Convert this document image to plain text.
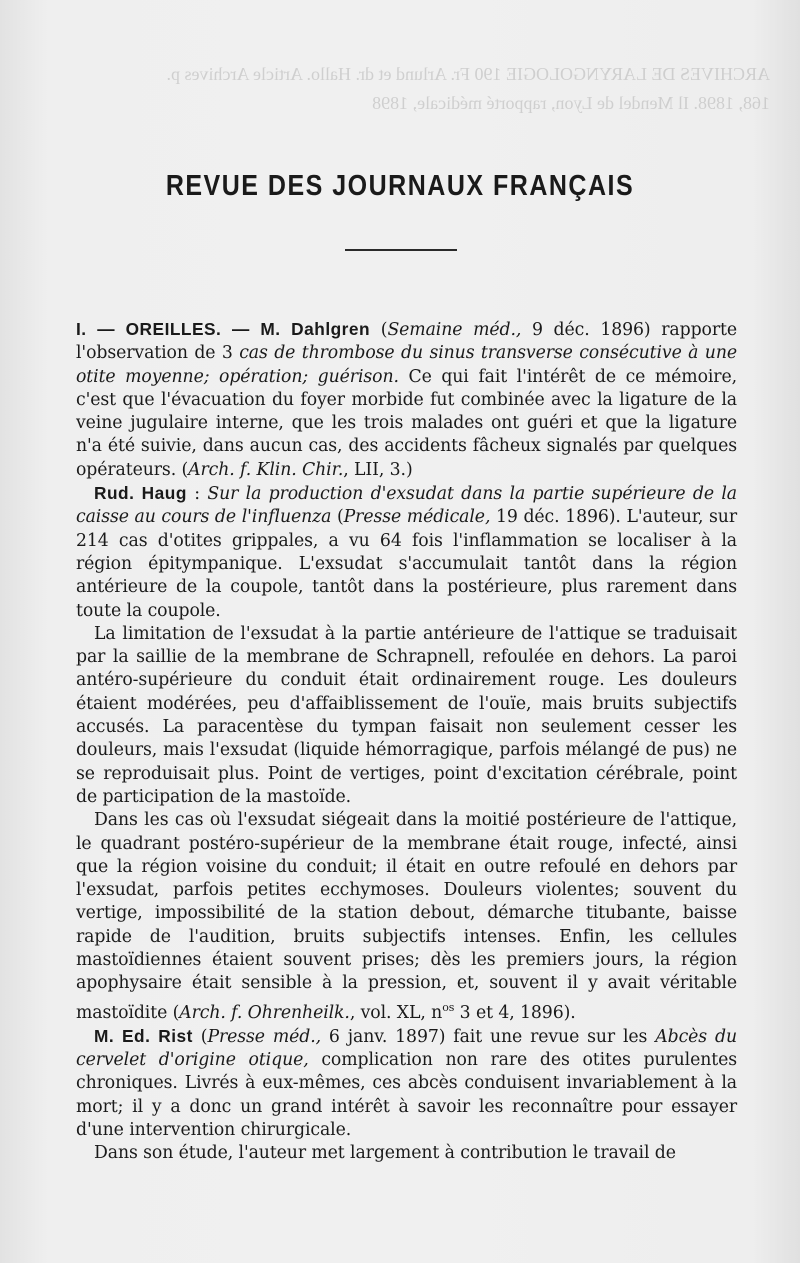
ARCHIVES DE LARYNGOLOGIE 190 Fr. Arlund et dr. Hallo. Article Archives p. 168, 1898. Il Mendel de Lyon, rapporté médicale, 1898
REVUE DES JOURNAUX FRANÇAIS

I. — OREILLES. — M. Dahlgren (Semaine méd., 9 déc. 1896) rapporte l'observation de 3 cas de thrombose du sinus transverse consécutive à une otite moyenne; opération; guérison. Ce qui fait l'intérêt de ce mémoire, c'est que l'évacuation du foyer morbide fut combinée avec la ligature de la veine jugulaire interne, que les trois malades ont guéri et que la ligature n'a été suivie, dans aucun cas, des accidents fâcheux signalés par quelques opérateurs. (Arch. f. Klin. Chir., LII, 3.)

Rud. Haug : Sur la production d'exsudat dans la partie supérieure de la caisse au cours de l'influenza (Presse médicale, 19 déc. 1896). L'auteur, sur 214 cas d'otites grippales, a vu 64 fois l'inflammation se localiser à la région épitympanique. L'exsudat s'accumulait tantôt dans la région antérieure de la coupole, tantôt dans la postérieure, plus rarement dans toute la coupole.

La limitation de l'exsudat à la partie antérieure de l'attique se traduisait par la saillie de la membrane de Schrapnell, refoulée en dehors. La paroi antéro-supérieure du conduit était ordinairement rouge. Les douleurs étaient modérées, peu d'affaiblissement de l'ouïe, mais bruits subjectifs accusés. La paracentèse du tympan faisait non seulement cesser les douleurs, mais l'exsudat (liquide hémorragique, parfois mélangé de pus) ne se reproduisait plus. Point de vertiges, point d'excitation cérébrale, point de participation de la mastoïde.

Dans les cas où l'exsudat siégeait dans la moitié postérieure de l'attique, le quadrant postéro-supérieur de la membrane était rouge, infecté, ainsi que la région voisine du conduit; il était en outre refoulé en dehors par l'exsudat, parfois petites ecchymoses. Douleurs violentes; souvent du vertige, impossibilité de la station debout, démarche titubante, baisse rapide de l'audition, bruits subjectifs intenses. Enfin, les cellules mastoïdiennes étaient souvent prises; dès les premiers jours, la région apophysaire était sensible à la pression, et, souvent il y avait véritable mastoïdite (Arch. f. Ohrenheilk., vol. XL, $n^{os}$ 3 et 4, 1896).

M. Ed. Rist (Presse méd., 6 janv. 1897) fait une revue sur les Abcès du cervelet d'origine otique, complication non rare des otites purulentes chroniques. Livrés à eux-mêmes, ces abcès conduisent invariablement à la mort; il y a donc un grand intérêt à savoir les reconnaître pour essayer d'une intervention chirurgicale.

Dans son étude, l'auteur met largement à contribution le travail de
